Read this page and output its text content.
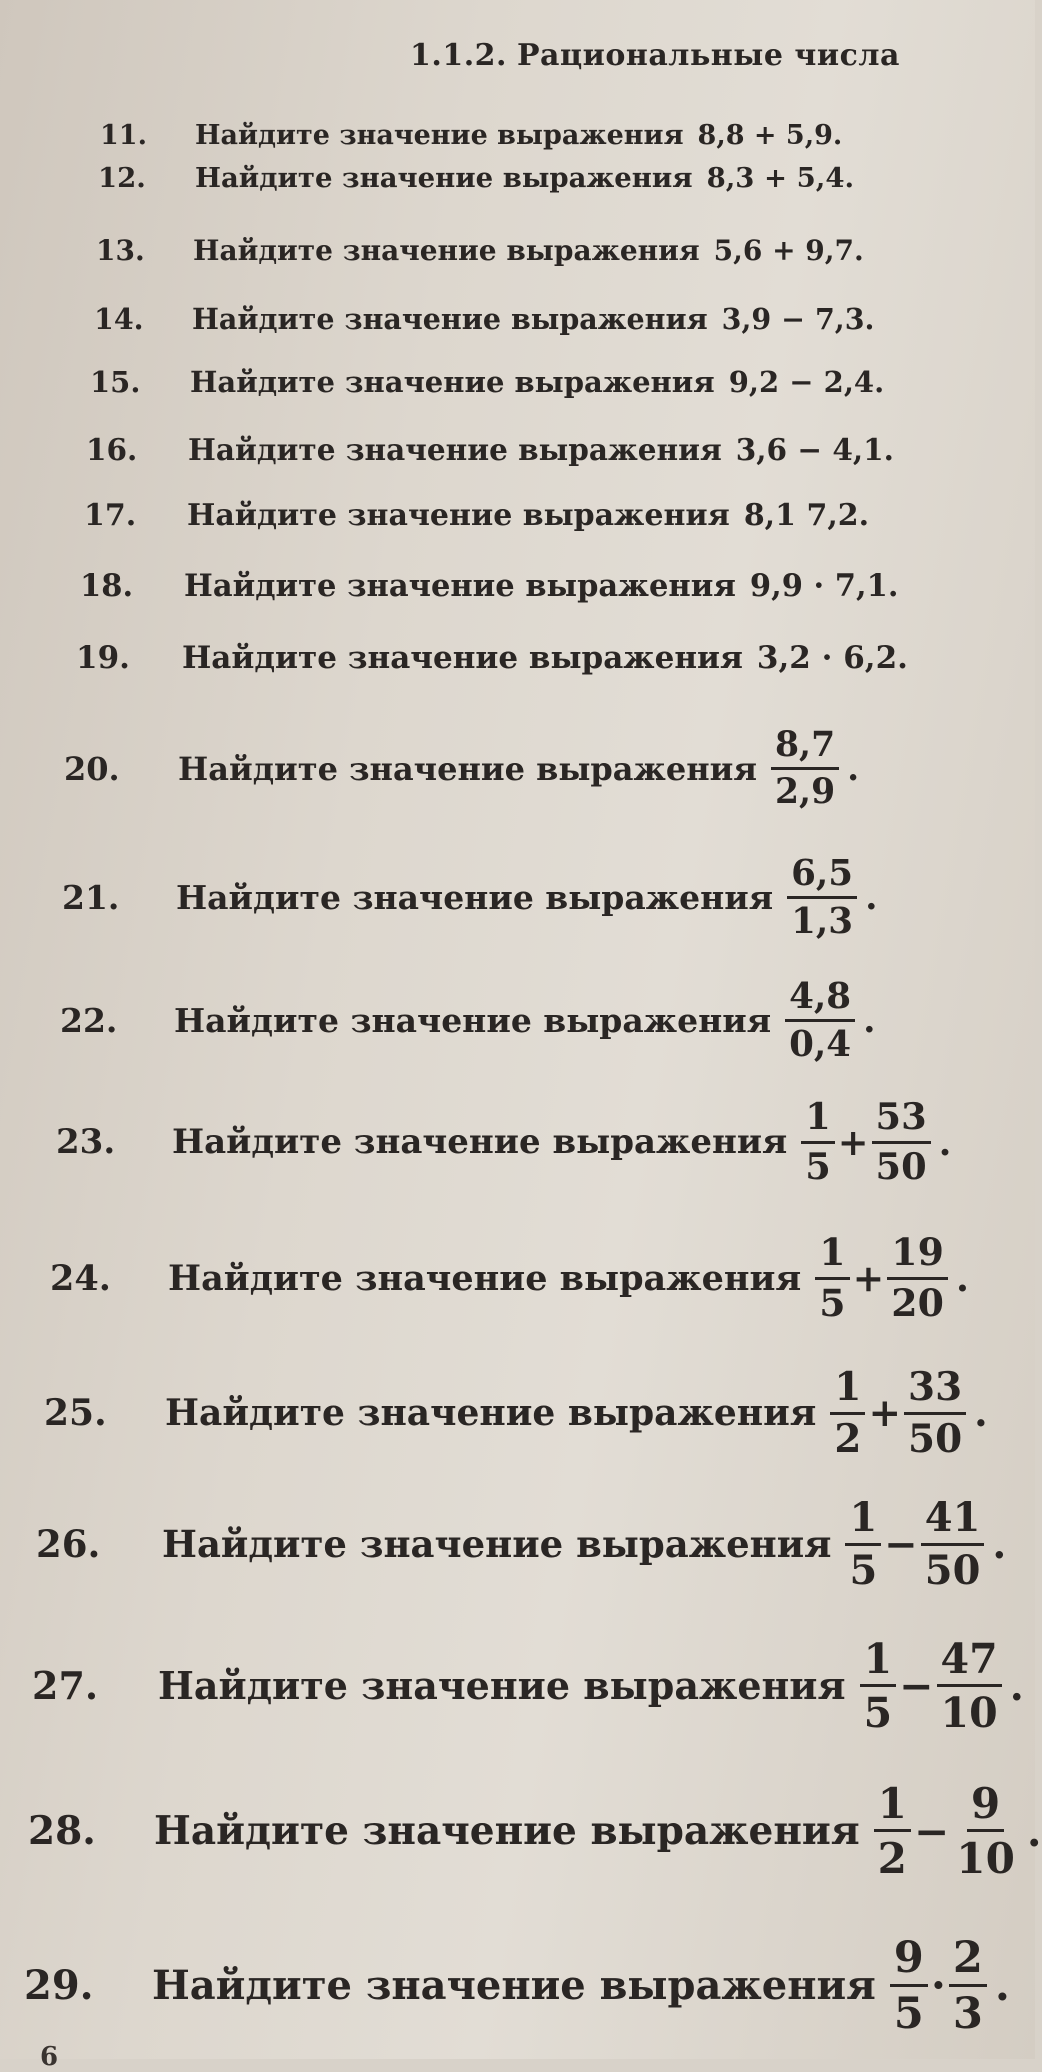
1.1.2. Рациональные числа
11.	Найдите значение выражения 8,8 + 5,9.
12.	Найдите значение выражения 8,3 + 5,4.
13.	Найдите значение выражения 5,6 + 9,7.
14.	Найдите значение выражения 3,9 − 7,3.
15.	Найдите значение выражения 9,2 − 2,4.
16.	Найдите значение выражения 3,6 − 4,1.
17.	Найдите значение выражения 8,1 7,2.
18.	Найдите значение выражения 9,9 · 7,1.
19.	Найдите значение выражения 3,2 · 6,2.
20.	Найдите значение выражения $\frac{8,7}{2,9}$ .
21.	Найдите значение выражения $\frac{6,5}{1,3}$ .
22.	Найдите значение выражения $\frac{4,8}{0,4}$ .
23.	Найдите значение выражения $\frac{1}{5} + \frac{53}{50}$ .
24.	Найдите значение выражения $\frac{1}{5} + \frac{19}{20}$ .
25.	Найдите значение выражения $\frac{1}{2} + \frac{33}{50}$ .
26.	Найдите значение выражения $\frac{1}{5} - \frac{41}{50}$ .
27.	Найдите значение выражения $\frac{1}{5} - \frac{47}{10}$ .
28.	Найдите значение выражения $\frac{1}{2} - \frac{9}{10}$ .
29.	Найдите значение выражения $\frac{9}{5} \cdot \frac{2}{3}$ .
6
